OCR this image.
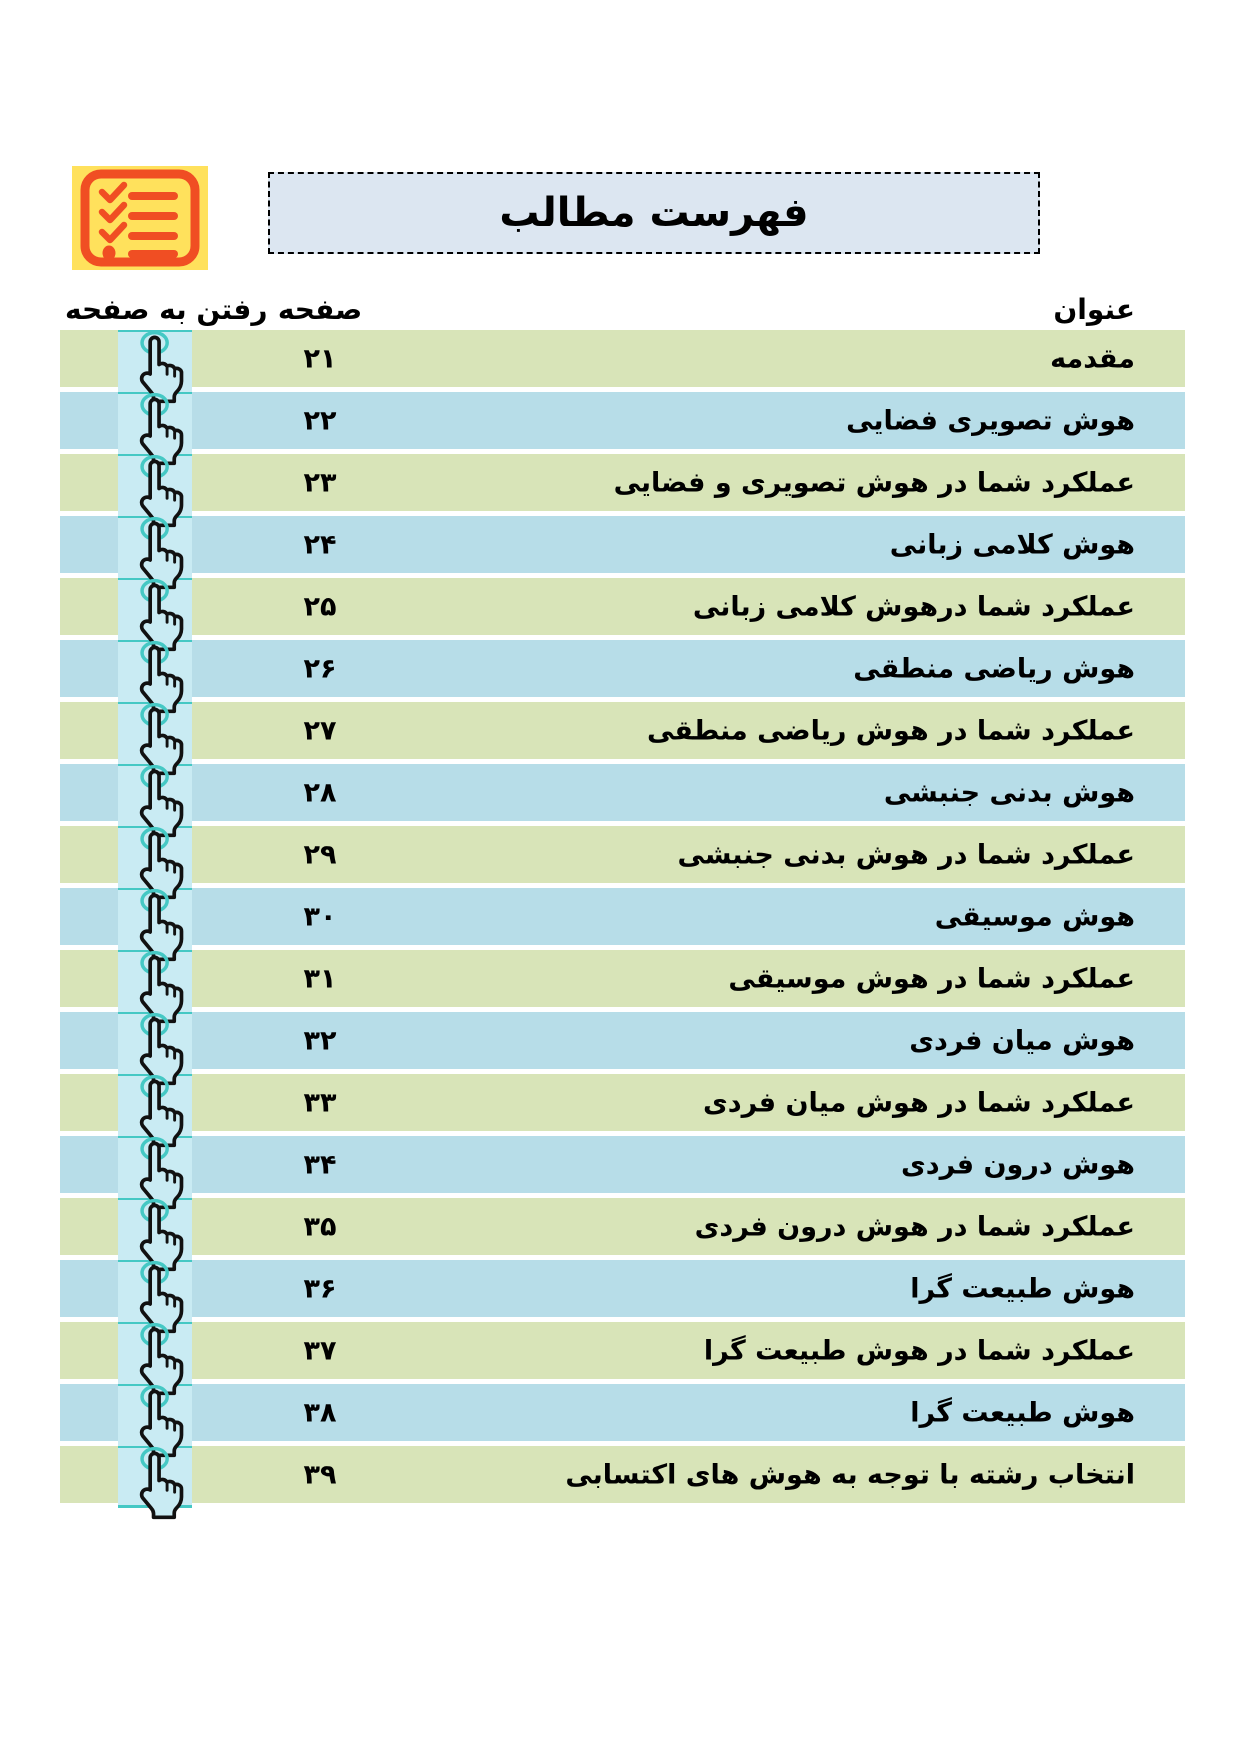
فهرست مطالب
رفتن به صفحه صفحه	عنوان
۲۱	مقدمه
۲۲	هوش تصویری فضایی
۲۳	عملکرد شما در هوش تصویری و فضایی
۲۴	هوش کلامی زبانی
۲۵	عملکرد شما درهوش کلامی زبانی
۲۶	هوش ریاضی منطقی
۲۷	عملکرد شما در هوش ریاضی منطقی
۲۸	هوش بدنی جنبشی
۲۹	عملکرد شما در هوش بدنی جنبشی
۳۰	هوش موسیقی
۳۱	عملکرد شما در هوش موسیقی
۳۲	هوش میان فردی
۳۳	عملکرد شما در هوش میان فردی
۳۴	هوش درون فردی
۳۵	عملکرد شما در هوش درون فردی
۳۶	هوش طبیعت گرا
۳۷	عملکرد شما در هوش طبیعت گرا
۳۸	هوش طبیعت گرا
۳۹	انتخاب رشته با توجه به هوش های اکتسابی
